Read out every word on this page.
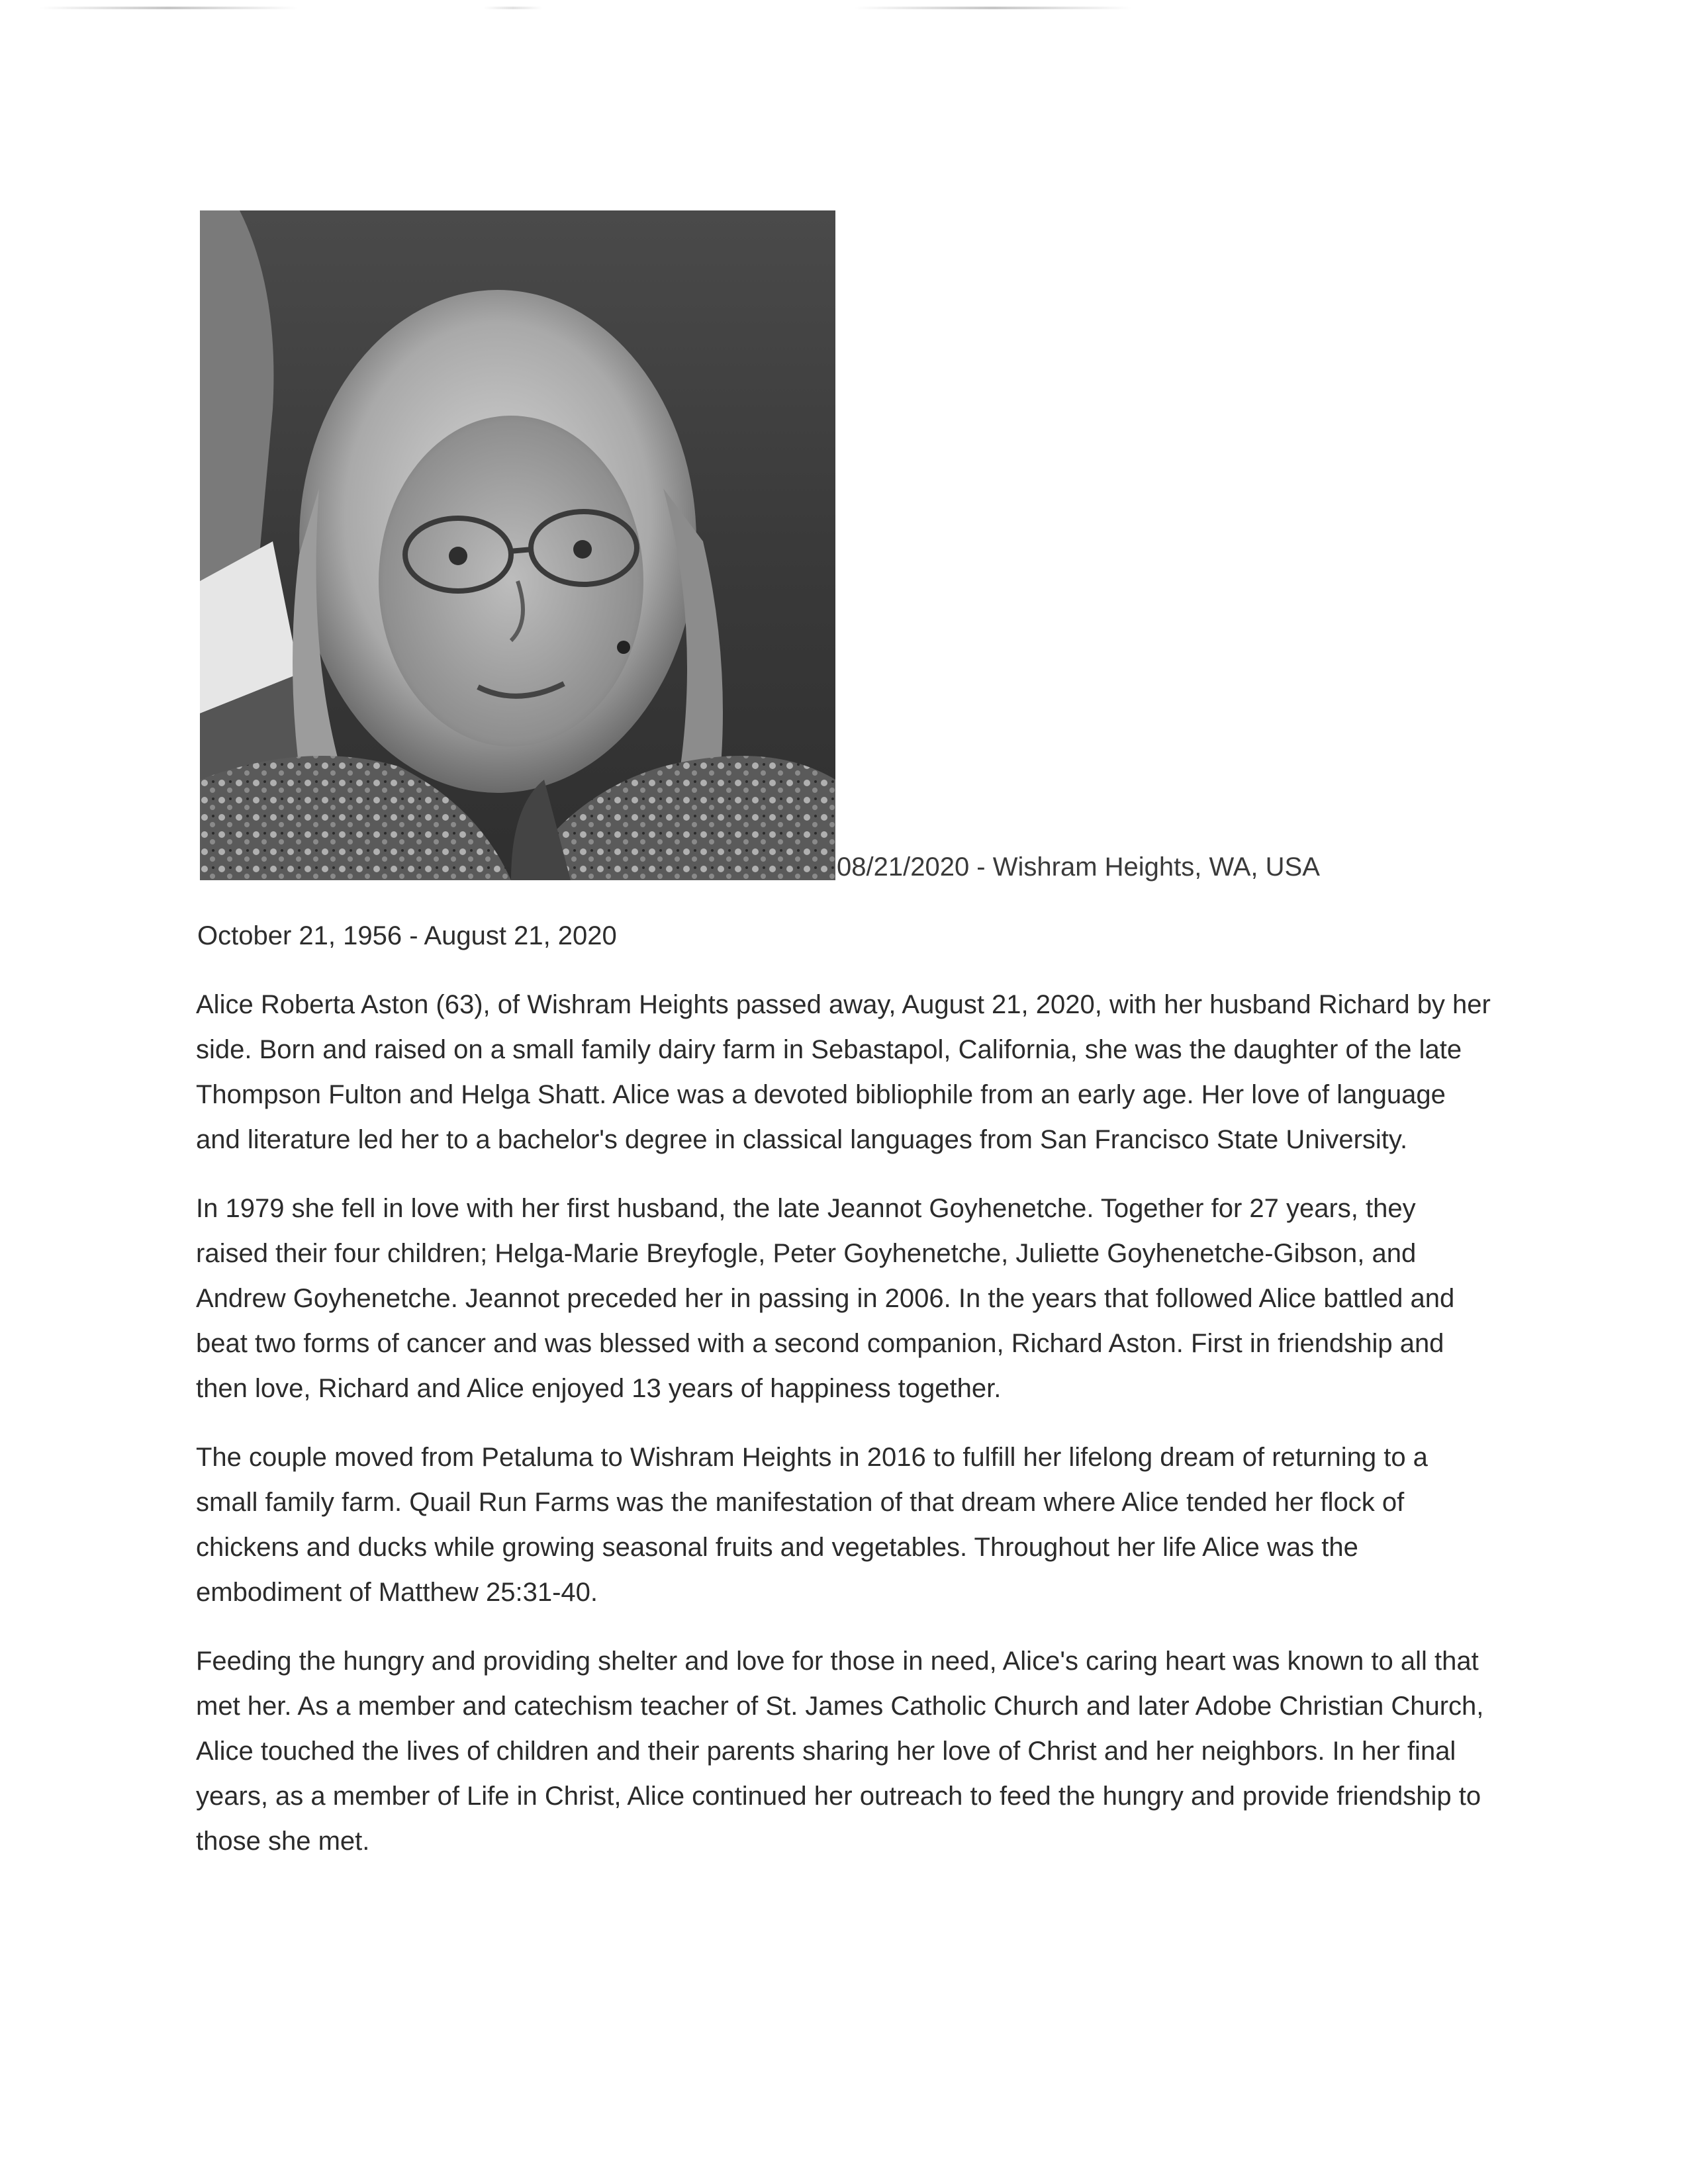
08/21/2020 - Wishram Heights, WA, USA
October 21, 1956 - August 21, 2020

Alice Roberta Aston (63), of Wishram Heights passed away, August 21, 2020, with her husband Richard by her side. Born and raised on a small family dairy farm in Sebastapol, California, she was the daughter of the late Thompson Fulton and Helga Shatt. Alice was a devoted bibliophile from an early age. Her love of language and literature led her to a bachelor's degree in classical languages from San Francisco State University.

In 1979 she fell in love with her first husband, the late Jeannot Goyhenetche. Together for 27 years, they raised their four children; Helga-Marie Breyfogle, Peter Goyhenetche, Juliette Goyhenetche-Gibson, and Andrew Goyhenetche. Jeannot preceded her in passing in 2006. In the years that followed Alice battled and beat two forms of cancer and was blessed with a second companion, Richard Aston. First in friendship and then love, Richard and Alice enjoyed 13 years of happiness together.

The couple moved from Petaluma to Wishram Heights in 2016 to fulfill her lifelong dream of returning to a small family farm. Quail Run Farms was the manifestation of that dream where Alice tended her flock of chickens and ducks while growing seasonal fruits and vegetables. Throughout her life Alice was the embodiment of Matthew 25:31-40.

Feeding the hungry and providing shelter and love for those in need, Alice's caring heart was known to all that met her. As a member and catechism teacher of St. James Catholic Church and later Adobe Christian Church, Alice touched the lives of children and their parents sharing her love of Christ and her neighbors. In her final years, as a member of Life in Christ, Alice continued her outreach to feed the hungry and provide friendship to those she met.
